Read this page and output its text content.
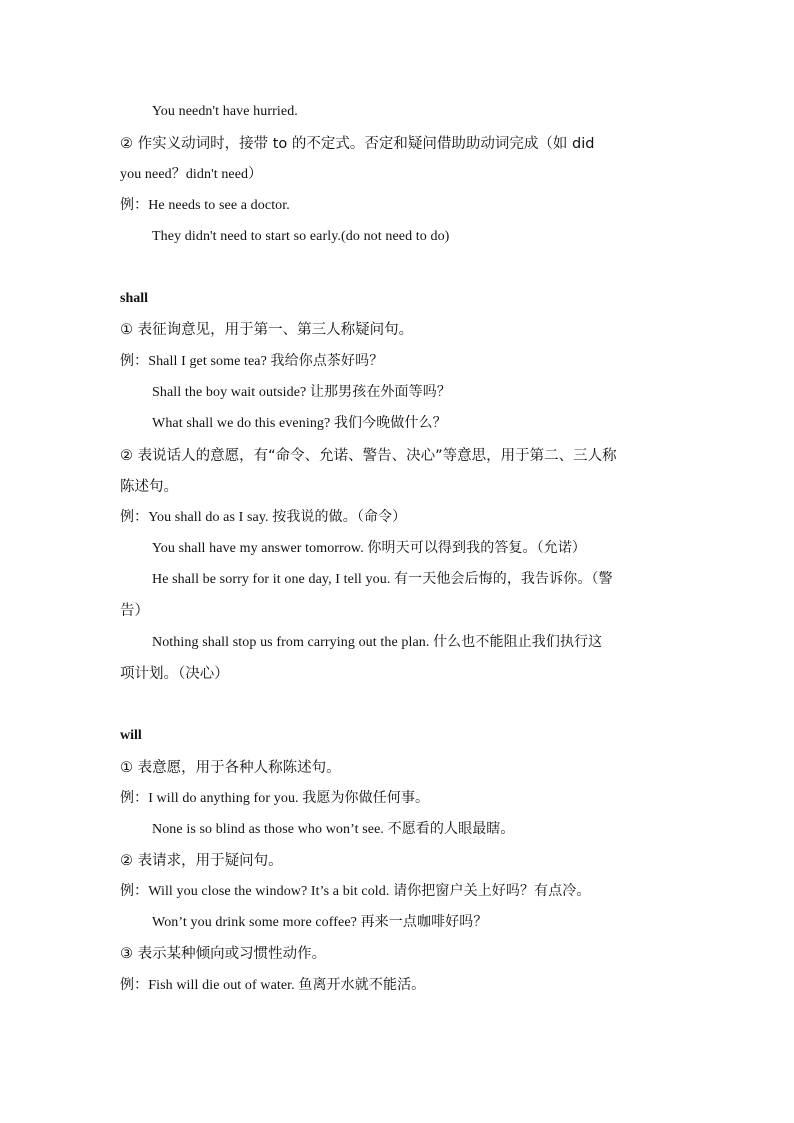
You needn't have hurried.
② 作实义动词时，接带 to 的不定式。否定和疑问借助助动词完成（如 did
you need？didn't need）
例：He needs to see a doctor.
They didn't need to start so early.(do not need to do)
shall
① 表征询意见，用于第一、第三人称疑问句。
例：Shall I get some tea? 我给你点茶好吗？
Shall the boy wait outside? 让那男孩在外面等吗？
What shall we do this evening? 我们今晚做什么？
② 表说话人的意愿，有“命令、允诺、警告、决心”等意思，用于第二、三人称
陈述句。
例：You shall do as I say. 按我说的做。（命令）
You shall have my answer tomorrow. 你明天可以得到我的答复。（允诺）
He shall be sorry for it one day, I tell you. 有一天他会后悔的，我告诉你。（警
告）
Nothing shall stop us from carrying out the plan. 什么也不能阻止我们执行这
项计划。（决心）
will
① 表意愿，用于各种人称陈述句。
例：I will do anything for you. 我愿为你做任何事。
None is so blind as those who won’t see. 不愿看的人眼最瞎。
② 表请求，用于疑问句。
例：Will you close the window? It’s a bit cold. 请你把窗户关上好吗？有点冷。
Won’t you drink some more coffee? 再来一点咖啡好吗？
③ 表示某种倾向或习惯性动作。
例：Fish will die out of water. 鱼离开水就不能活。
